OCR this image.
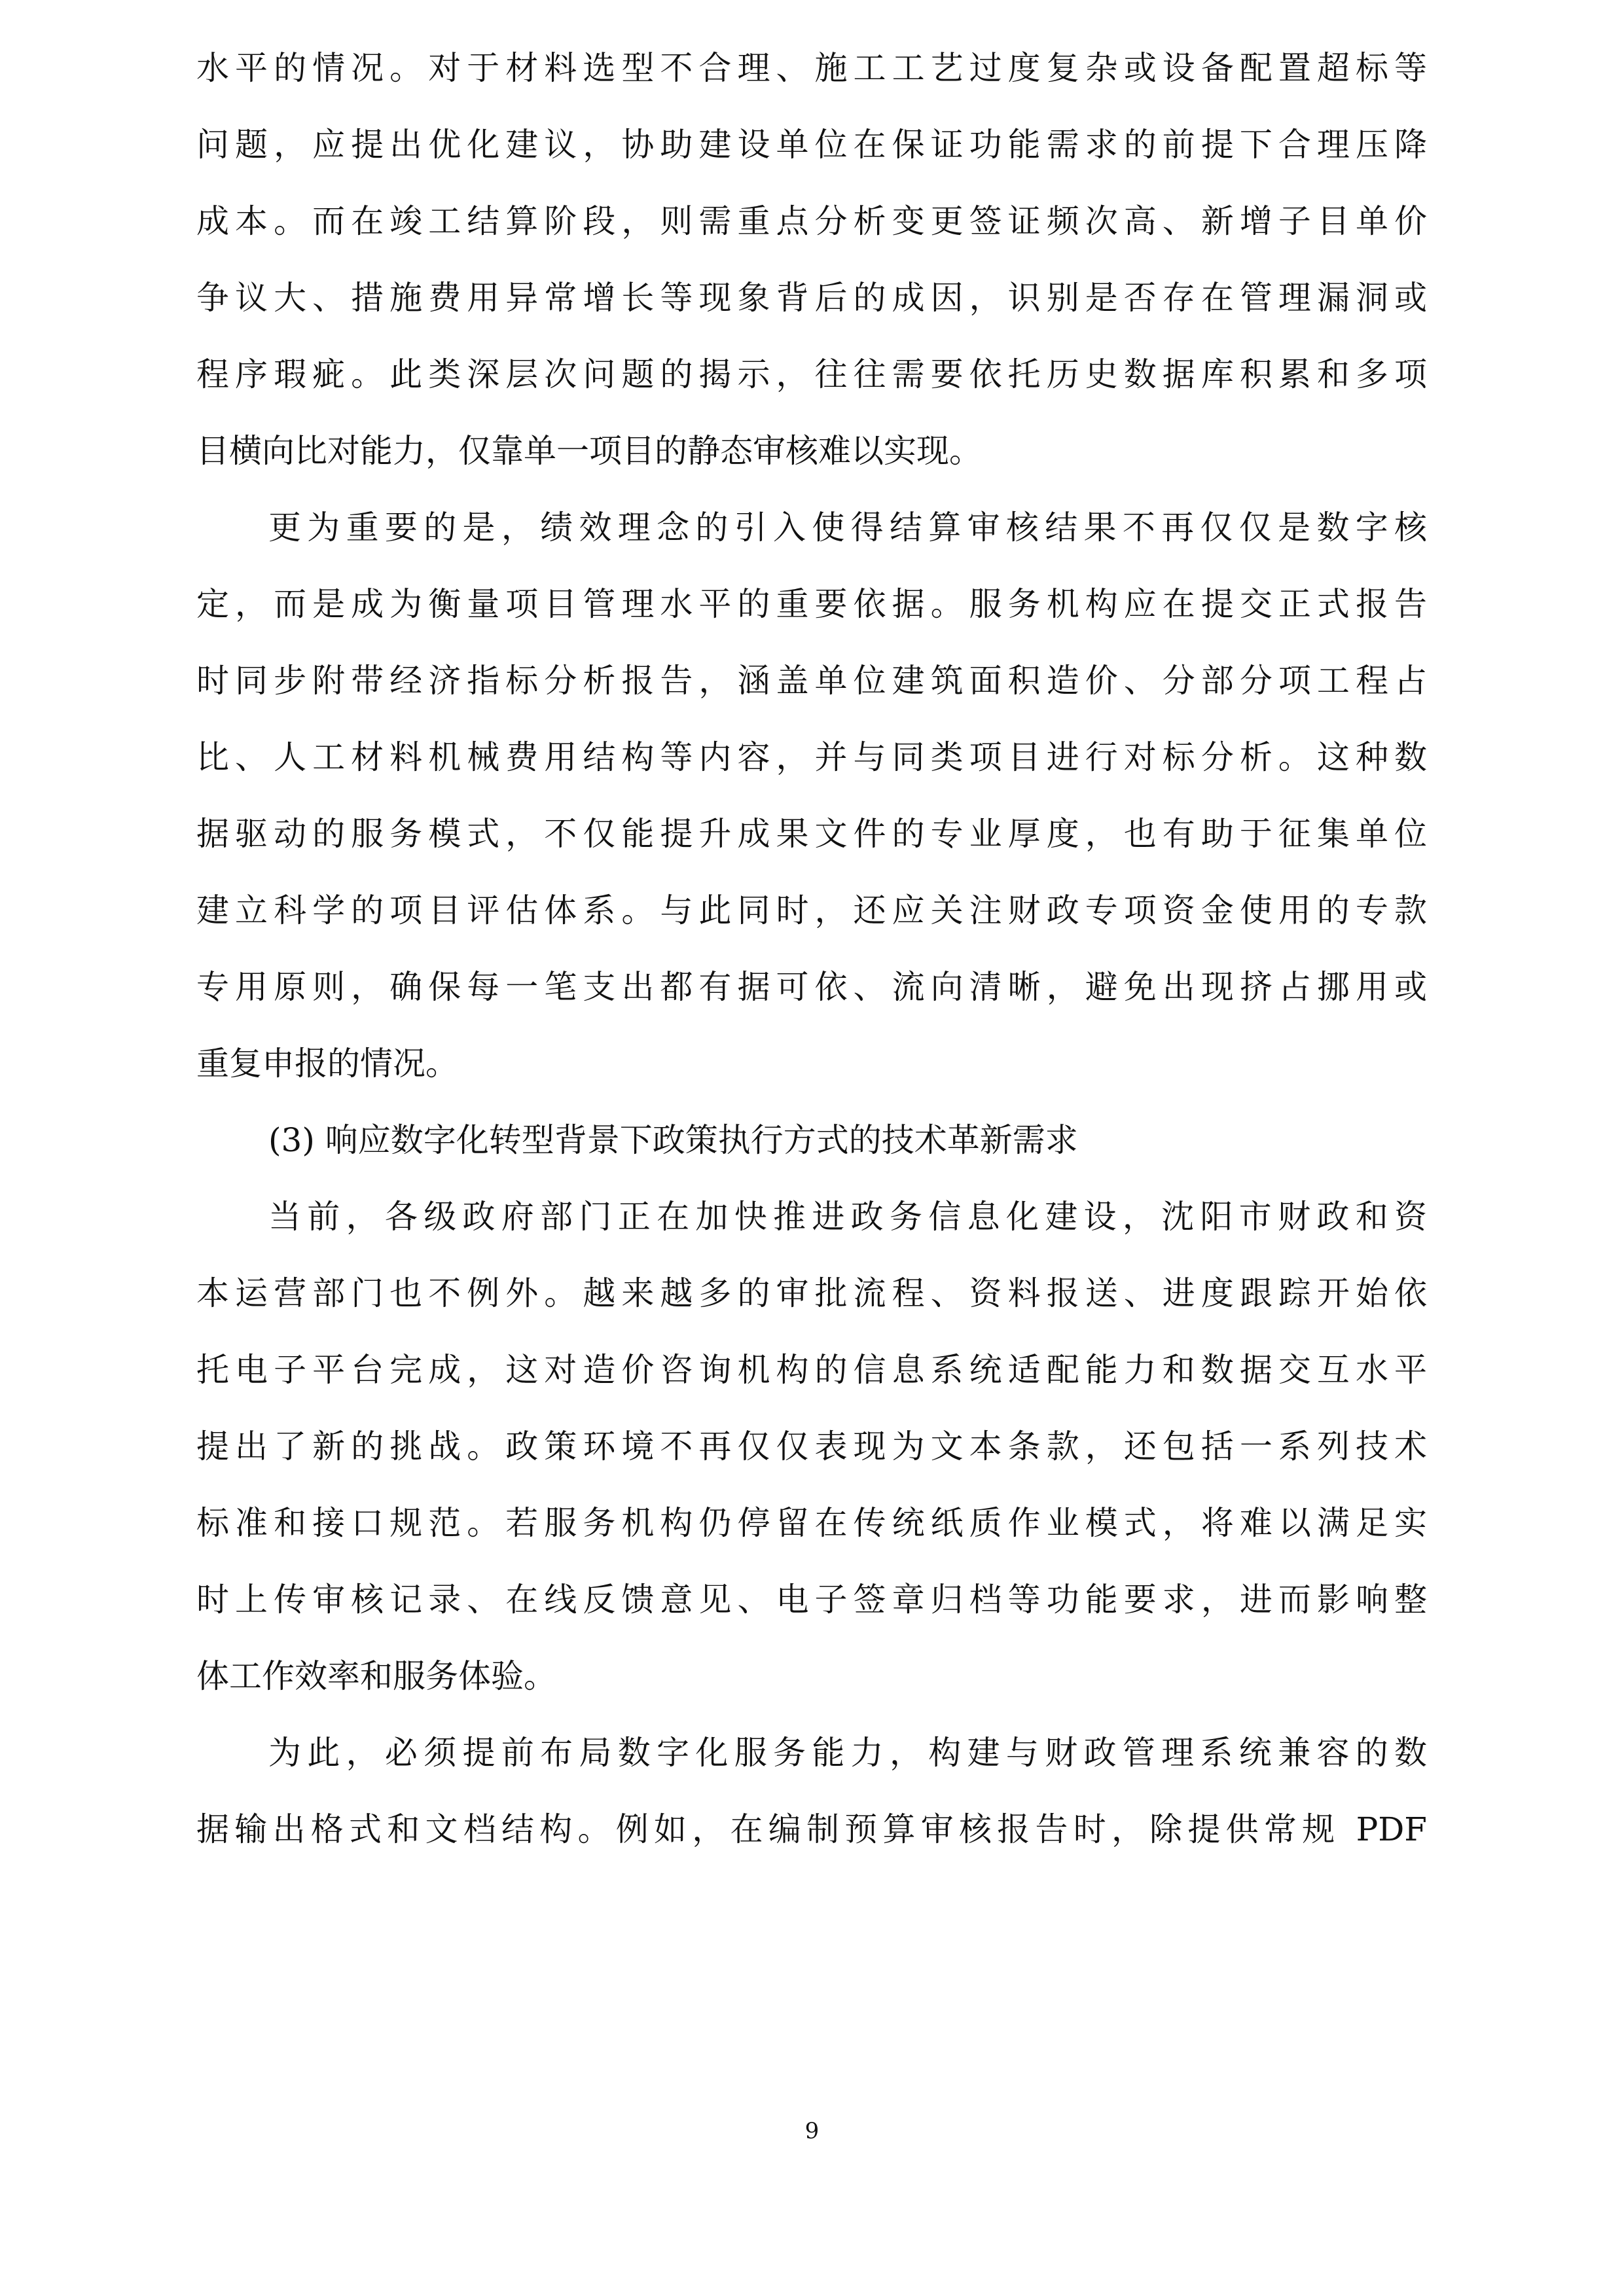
水平的情况。对于材料选型不合理、施工工艺过度复杂或设备配置超标等

问题，应提出优化建议，协助建设单位在保证功能需求的前提下合理压降

成本。而在竣工结算阶段，则需重点分析变更签证频次高、新增子目单价

争议大、措施费用异常增长等现象背后的成因，识别是否存在管理漏洞或

程序瑕疵。此类深层次问题的揭示，往往需要依托历史数据库积累和多项

目横向比对能力，仅靠单一项目的静态审核难以实现。

更为重要的是，绩效理念的引入使得结算审核结果不再仅仅是数字核

定，而是成为衡量项目管理水平的重要依据。服务机构应在提交正式报告

时同步附带经济指标分析报告，涵盖单位建筑面积造价、分部分项工程占

比、人工材料机械费用结构等内容，并与同类项目进行对标分析。这种数

据驱动的服务模式，不仅能提升成果文件的专业厚度，也有助于征集单位

建立科学的项目评估体系。与此同时，还应关注财政专项资金使用的专款

专用原则，确保每一笔支出都有据可依、流向清晰，避免出现挤占挪用或

重复申报的情况。

(3) 响应数字化转型背景下政策执行方式的技术革新需求

当前，各级政府部门正在加快推进政务信息化建设，沈阳市财政和资

本运营部门也不例外。越来越多的审批流程、资料报送、进度跟踪开始依

托电子平台完成，这对造价咨询机构的信息系统适配能力和数据交互水平

提出了新的挑战。政策环境不再仅仅表现为文本条款，还包括一系列技术

标准和接口规范。若服务机构仍停留在传统纸质作业模式，将难以满足实

时上传审核记录、在线反馈意见、电子签章归档等功能要求，进而影响整

体工作效率和服务体验。

为此，必须提前布局数字化服务能力，构建与财政管理系统兼容的数

据输出格式和文档结构。例如，在编制预算审核报告时，除提供常规 PDF

9
